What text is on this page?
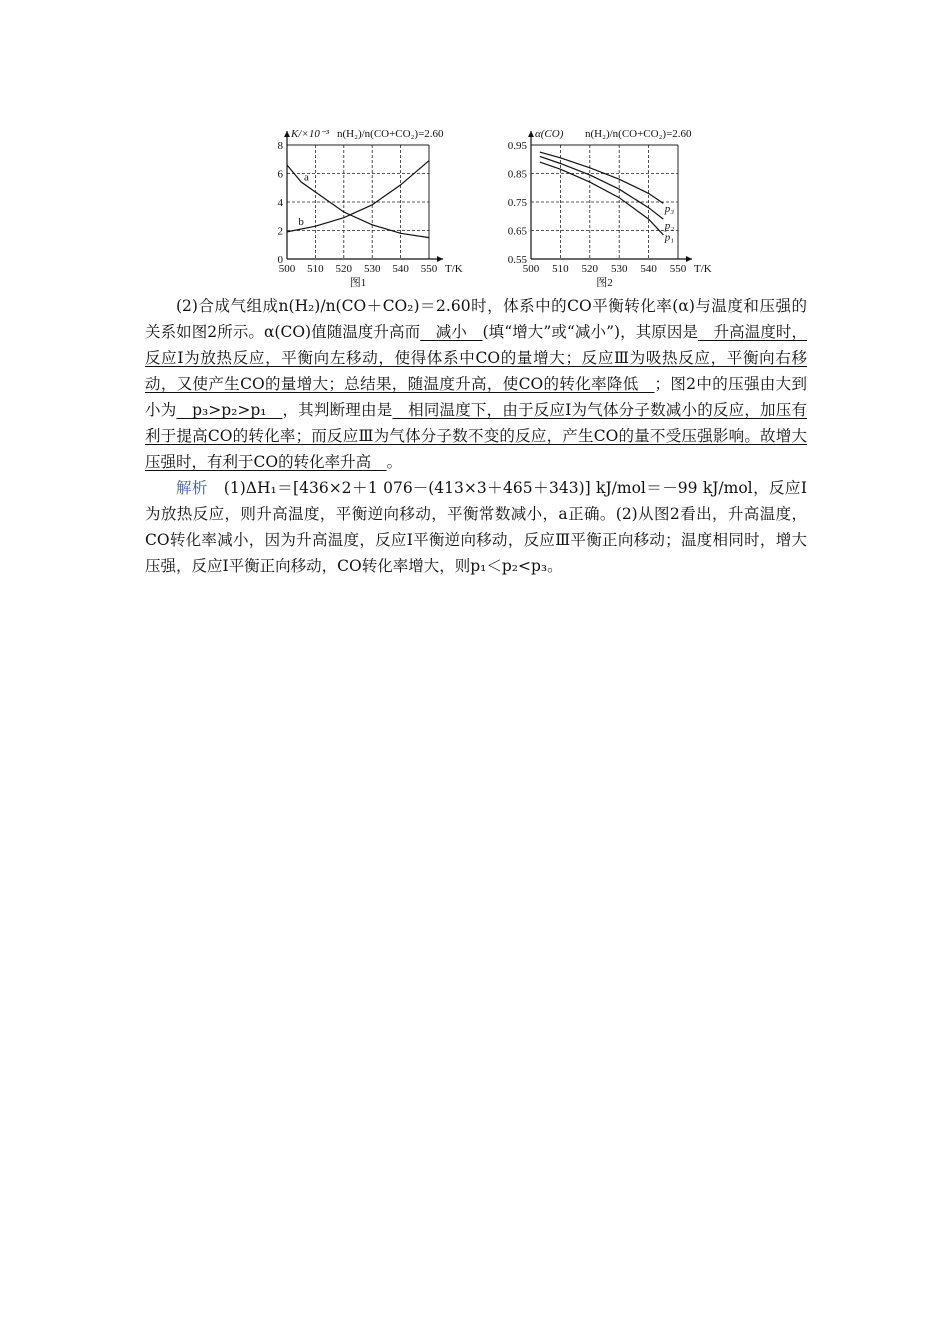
500 510 520 530 540 550
0
2
4
6
8
K/×10⁻³ n(H₂)/n(CO+CO₂)=2.60
T/K
图1
a
b
500 510 520 530 540 550
0.55
0.65
0.75
0.85
0.95
α(CO) n(H₂)/n(CO+CO₂)=2.60
T/K
图2
p₃
p₂
p₁

(2)合成气组成n(H₂)/n(CO＋CO₂)＝2.60时，体系中的CO平衡转化率(α)与温度和压强的关系如图2所示。α(CO)值随温度升高而　减小　(填“增大”或“减小”)，其原因是　升高温度时，反应Ⅰ为放热反应，平衡向左移动，使得体系中CO的量增大；反应Ⅲ为吸热反应，平衡向右移动，又使产生CO的量增大；总结果，随温度升高，使CO的转化率降低　；图2中的压强由大到小为　p₃>p₂>p₁　，其判断理由是　相同温度下，由于反应Ⅰ为气体分子数减小的反应，加压有利于提高CO的转化率；而反应Ⅲ为气体分子数不变的反应，产生CO的量不受压强影响。故增大压强时，有利于CO的转化率升高　。

解析　(1)ΔH₁＝[436×2＋1 076－(413×3＋465＋343)] kJ/mol＝－99 kJ/mol，反应Ⅰ为放热反应，则升高温度，平衡逆向移动，平衡常数减小，a正确。(2)从图2看出，升高温度，CO转化率减小，因为升高温度，反应Ⅰ平衡逆向移动，反应Ⅲ平衡正向移动；温度相同时，增大压强，反应Ⅰ平衡正向移动，CO转化率增大，则p₁＜p₂<p₃。
